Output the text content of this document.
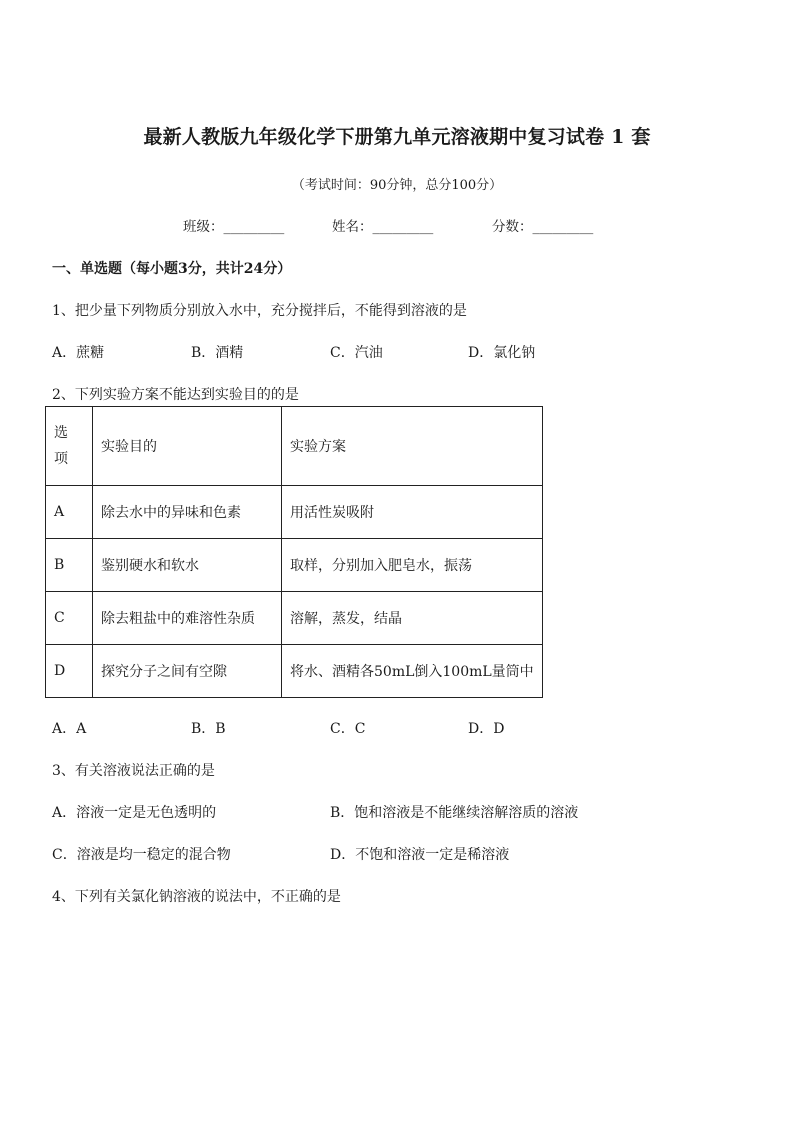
最新人教版九年级化学下册第九单元溶液期中复习试卷 1 套
（考试时间：90分钟，总分100分）
班级：_________	姓名：_________	分数：_________
一、单选题（每小题3分，共计24分）
1、把少量下列物质分别放入水中，充分搅拌后，不能得到溶液的是
A．蔗糖	B．酒精	C．汽油	D．氯化钠
2、下列实验方案不能达到实验目的的是
选
项	实验目的	实验方案
A	除去水中的异味和色素	用活性炭吸附
B	鉴别硬水和软水	取样，分别加入肥皂水，振荡
C	除去粗盐中的难溶性杂质	溶解，蒸发，结晶
D	探究分子之间有空隙	将水、酒精各50mL倒入100mL量筒中
A．A	B．B	C．C	D．D
3、有关溶液说法正确的是
A．溶液一定是无色透明的	B．饱和溶液是不能继续溶解溶质的溶液
C．溶液是均一稳定的混合物	D．不饱和溶液一定是稀溶液
4、下列有关氯化钠溶液的说法中，不正确的是
